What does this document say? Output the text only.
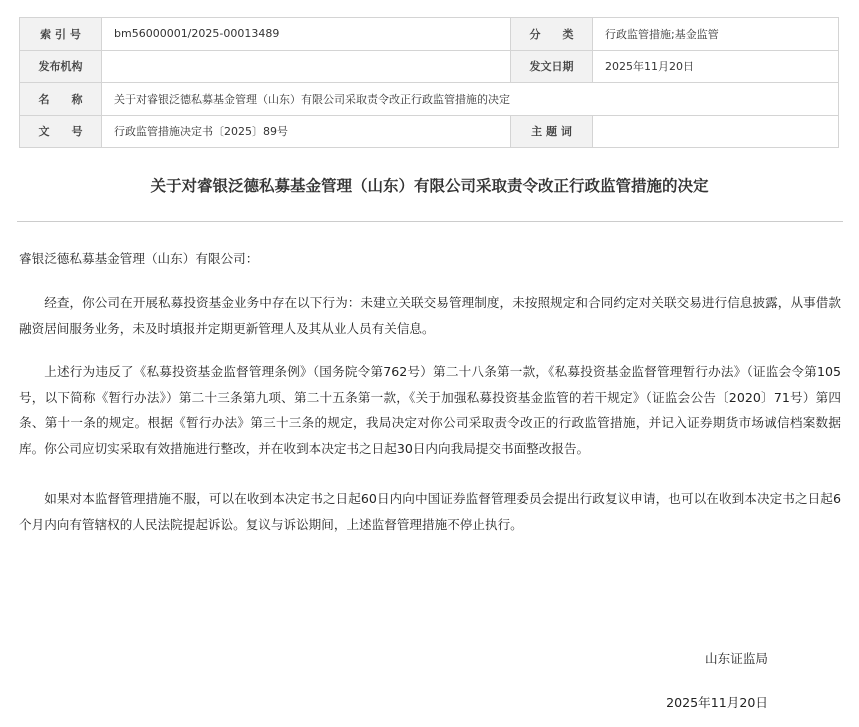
索 引 号	bm56000001/2025-00013489	分　　类	行政监管措施;基金监管
发布机构		发文日期	2025年11月20日
名　　称	关于对睿银泛德私募基金管理（山东）有限公司采取责令改正行政监管措施的决定		
文　　号	行政监管措施决定书〔2025〕89号	主 题 词	
关于对睿银泛德私募基金管理（山东）有限公司采取责令改正行政监管措施的决定

睿银泛德私募基金管理（山东）有限公司：

经查，你公司在开展私募投资基金业务中存在以下行为：未建立关联交易管理制度，未按照规定和合同约定对关联交易进行信息披露，从事借款融资居间服务业务，未及时填报并定期更新管理人及其从业人员有关信息。

上述行为违反了《私募投资基金监督管理条例》（国务院令第762号）第二十八条第一款，《私募投资基金监督管理暂行办法》（证监会令第105号，以下简称《暂行办法》）第二十三条第九项、第二十五条第一款，《关于加强私募投资基金监管的若干规定》（证监会公告〔2020〕71号）第四条、第十一条的规定。根据《暂行办法》第三十三条的规定，我局决定对你公司采取责令改正的行政监管措施，并记入证券期货市场诚信档案数据库。你公司应切实采取有效措施进行整改，并在收到本决定书之日起30日内向我局提交书面整改报告。

如果对本监督管理措施不服，可以在收到本决定书之日起60日内向中国证券监督管理委员会提出行政复议申请，也可以在收到本决定书之日起6个月内向有管辖权的人民法院提起诉讼。复议与诉讼期间，上述监督管理措施不停止执行。

山东证监局
2025年11月20日
